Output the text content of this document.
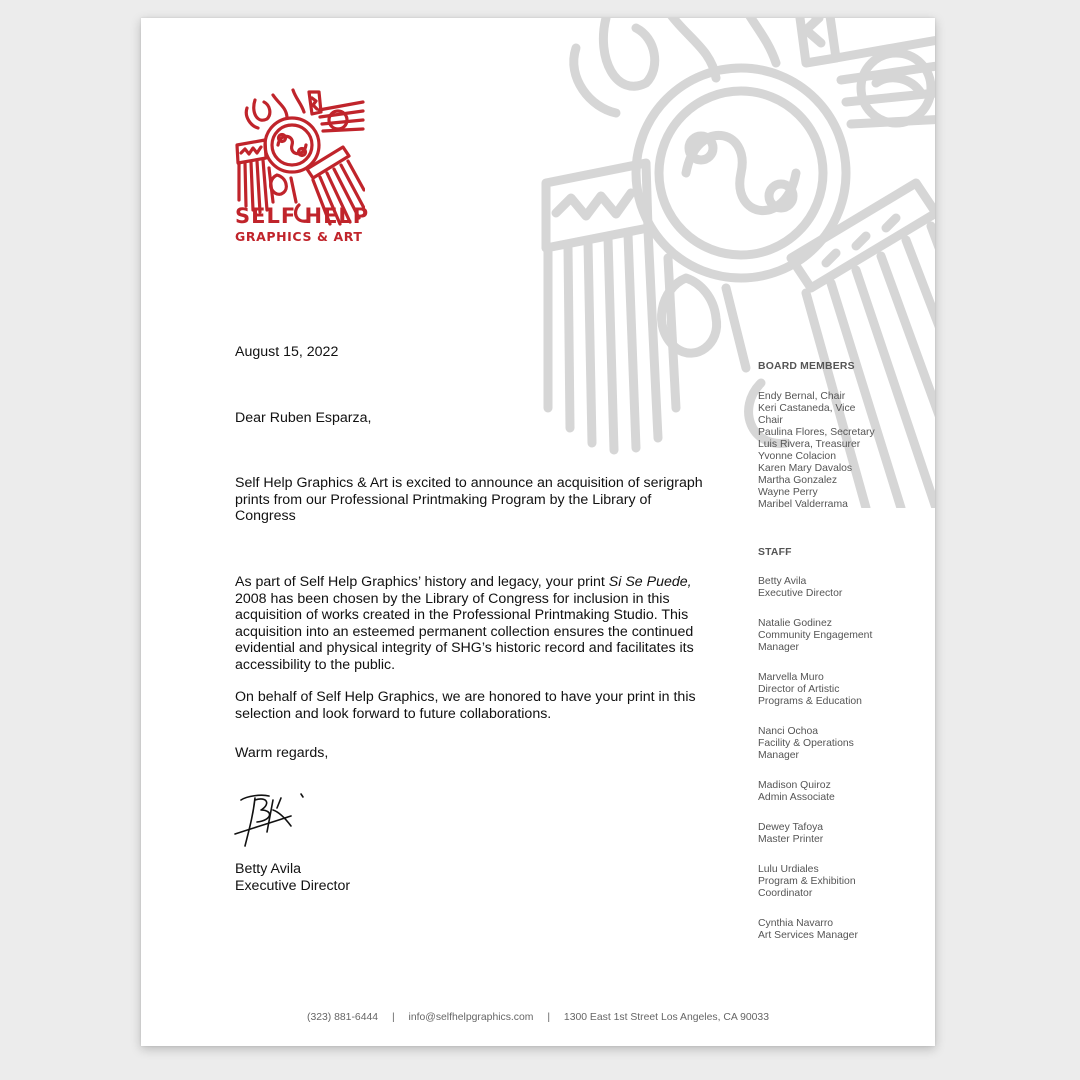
SELF HELP
GRAPHICS & ART
August 15, 2022
Dear Ruben Esparza,
Self Help Graphics & Art is excited to announce an acquisition of serigraph prints from our Professional Printmaking Program by the Library of Congress
As part of Self Help Graphics’ history and legacy, your print Si Se Puede, 2008 has been chosen by the Library of Congress for inclusion in this acquisition of works created in the Professional Printmaking Studio. This acquisition into an esteemed permanent collection ensures the continued evidential and physical integrity of SHG’s historic record and facilitates its accessibility to the public.
On behalf of Self Help Graphics, we are honored to have your print in this selection and look forward to future collaborations.
Warm regards,
Betty Avila
Executive Director
BOARD MEMBERS
Endy Bernal, Chair
Keri Castaneda, Vice Chair
Paulina Flores, Secretary
Luis Rivera, Treasurer
Yvonne Colacion
Karen Mary Davalos
Martha Gonzalez
Wayne Perry
Maribel Valderrama
STAFF
Betty Avila
Executive Director
Natalie Godinez
Community Engagement Manager
Marvella Muro
Director of Artistic Programs & Education
Nanci Ochoa
Facility & Operations Manager
Madison Quiroz
Admin Associate
Dewey Tafoya
Master Printer
Lulu Urdiales
Program & Exhibition Coordinator
Cynthia Navarro
Art Services Manager
(323) 881-6444 | info@selfhelpgraphics.com | 1300 East 1st Street Los Angeles, CA 90033
